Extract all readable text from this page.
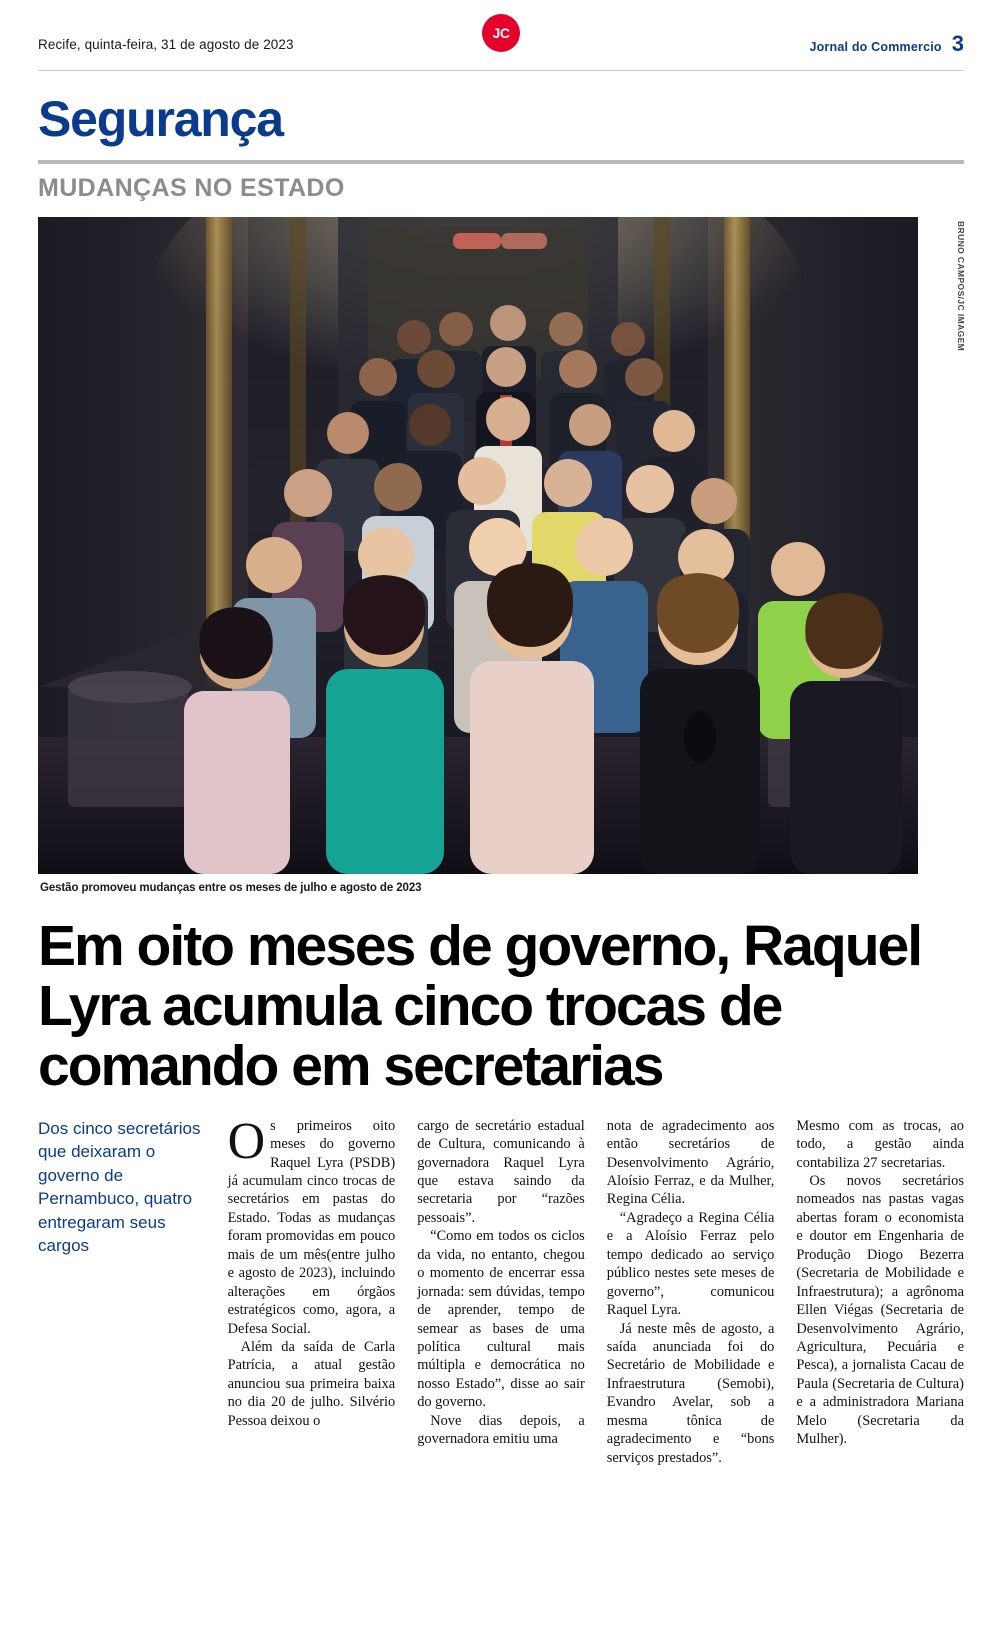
Recife, quinta-feira, 31 de agosto de 2023
JC
Jornal do Commercio 3
Segurança
MUDANÇAS NO ESTADO
BRUNO CAMPOS/JC IMAGEM
Gestão promoveu mudanças entre os meses de julho e agosto de 2023
Em oito meses de governo, Raquel Lyra acumula cinco trocas de comando em secretarias

Dos cinco secretários que deixaram o governo de Pernambuco, quatro entregaram seus cargos

Os primeiros oito meses do governo Raquel Lyra (PSDB) já acumulam cinco trocas de secretários em pastas do Estado. Todas as mudanças foram promovidas em pouco mais de um mês(entre julho e agosto de 2023), incluindo alterações em órgãos estratégicos como, agora, a Defesa Social.

Além da saída de Carla Patrícia, a atual gestão anunciou sua primeira baixa no dia 20 de julho. Silvério Pessoa deixou o

cargo de secretário estadual de Cultura, comunicando à governadora Raquel Lyra que estava saindo da secretaria por “razões pessoais”.

“Como em todos os ciclos da vida, no entanto, chegou o momento de encerrar essa jornada: sem dúvidas, tempo de aprender, tempo de semear as bases de uma política cultural mais múltipla e democrática no nosso Estado”, disse ao sair do governo.

Nove dias depois, a governadora emitiu uma

nota de agradecimento aos então secretários de Desenvolvimento Agrário, Aloísio Ferraz, e da Mulher, Regina Célia.

“Agradeço a Regina Célia e a Aloísio Ferraz pelo tempo dedicado ao serviço público nestes sete meses de governo”, comunicou Raquel Lyra.

Já neste mês de agosto, a saída anunciada foi do Secretário de Mobilidade e Infraestrutura (Semobi), Evandro Avelar, sob a mesma tônica de agradecimento e “bons serviços prestados”.

Mesmo com as trocas, ao todo, a gestão ainda contabiliza 27 secretarias.

Os novos secretários nomeados nas pastas vagas abertas foram o economista e doutor em Engenharia de Produção Diogo Bezerra (Secretaria de Mobilidade e Infraestrutura); a agrônoma Ellen Viégas (Secretaria de Desenvolvimento Agrário, Agricultura, Pecuária e Pesca), a jornalista Cacau de Paula (Secretaria de Cultura) e a administradora Mariana Melo (Secretaria da Mulher).
